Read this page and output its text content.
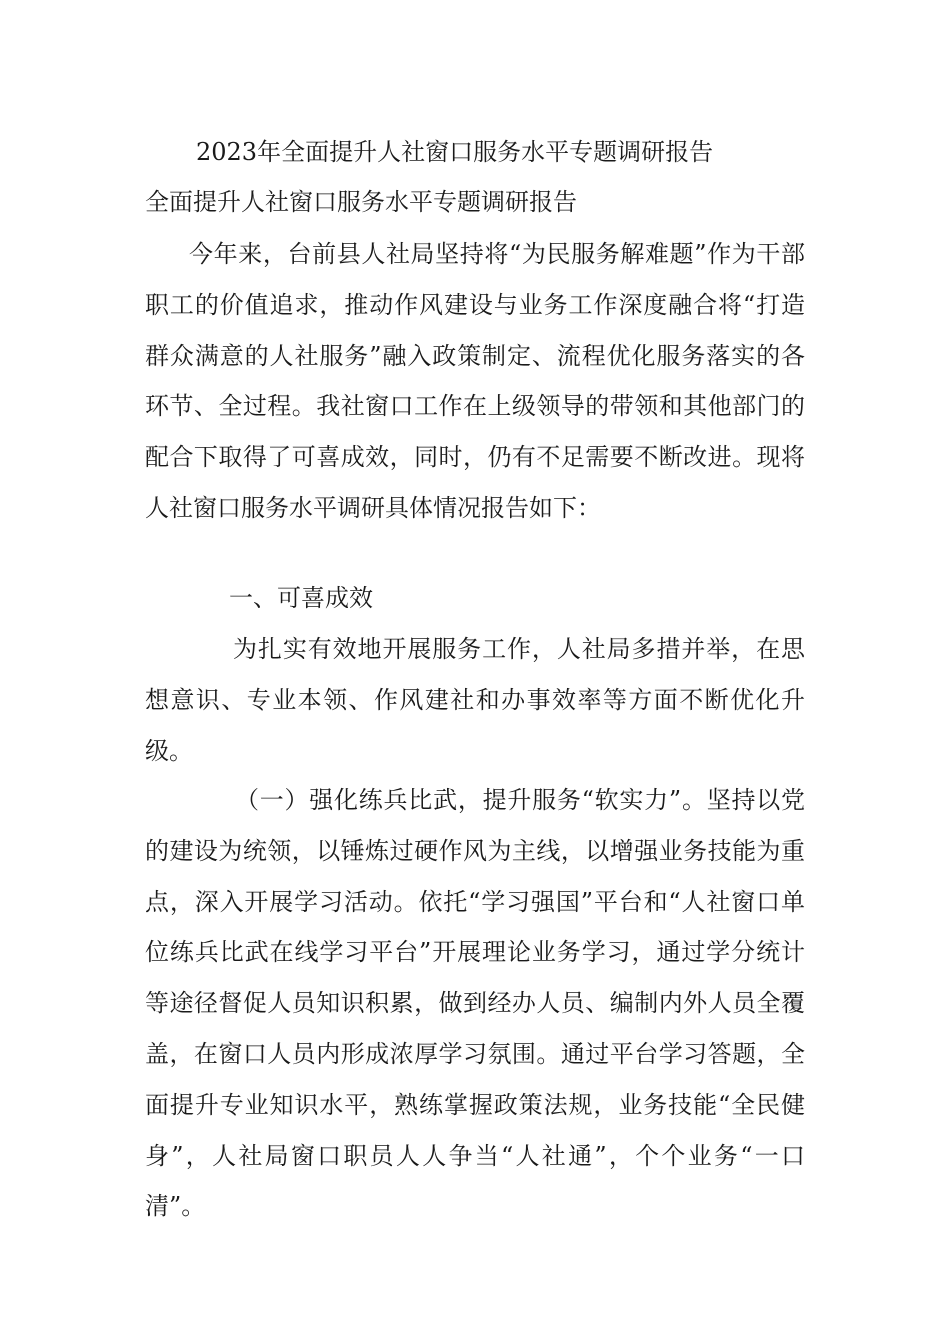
2023年全面提升人社窗口服务水平专题调研报告
全面提升人社窗口服务水平专题调研报告

今年来，台前县人社局坚持将“为民服务解难题”作为干部职工的价值追求，推动作风建设与业务工作深度融合将“打造群众满意的人社服务”融入政策制定、流程优化服务落实的各环节、全过程。我社窗口工作在上级领导的带领和其他部门的配合下取得了可喜成效，同时，仍有不足需要不断改进。现将人社窗口服务水平调研具体情况报告如下：

一、可喜成效

为扎实有效地开展服务工作，人社局多措并举，在思想意识、专业本领、作风建社和办事效率等方面不断优化升级。

（一）强化练兵比武，提升服务“软实力”。坚持以党的建设为统领，以锤炼过硬作风为主线，以增强业务技能为重点，深入开展学习活动。依托“学习强国”平台和“人社窗口单位练兵比武在线学习平台”开展理论业务学习，通过学分统计等途径督促人员知识积累，做到经办人员、编制内外人员全覆盖，在窗口人员内形成浓厚学习氛围。通过平台学习答题，全面提升专业知识水平，熟练掌握政策法规，业务技能“全民健身”，人社局窗口职员人人争当“人社通”，个个业务“一口清”。
